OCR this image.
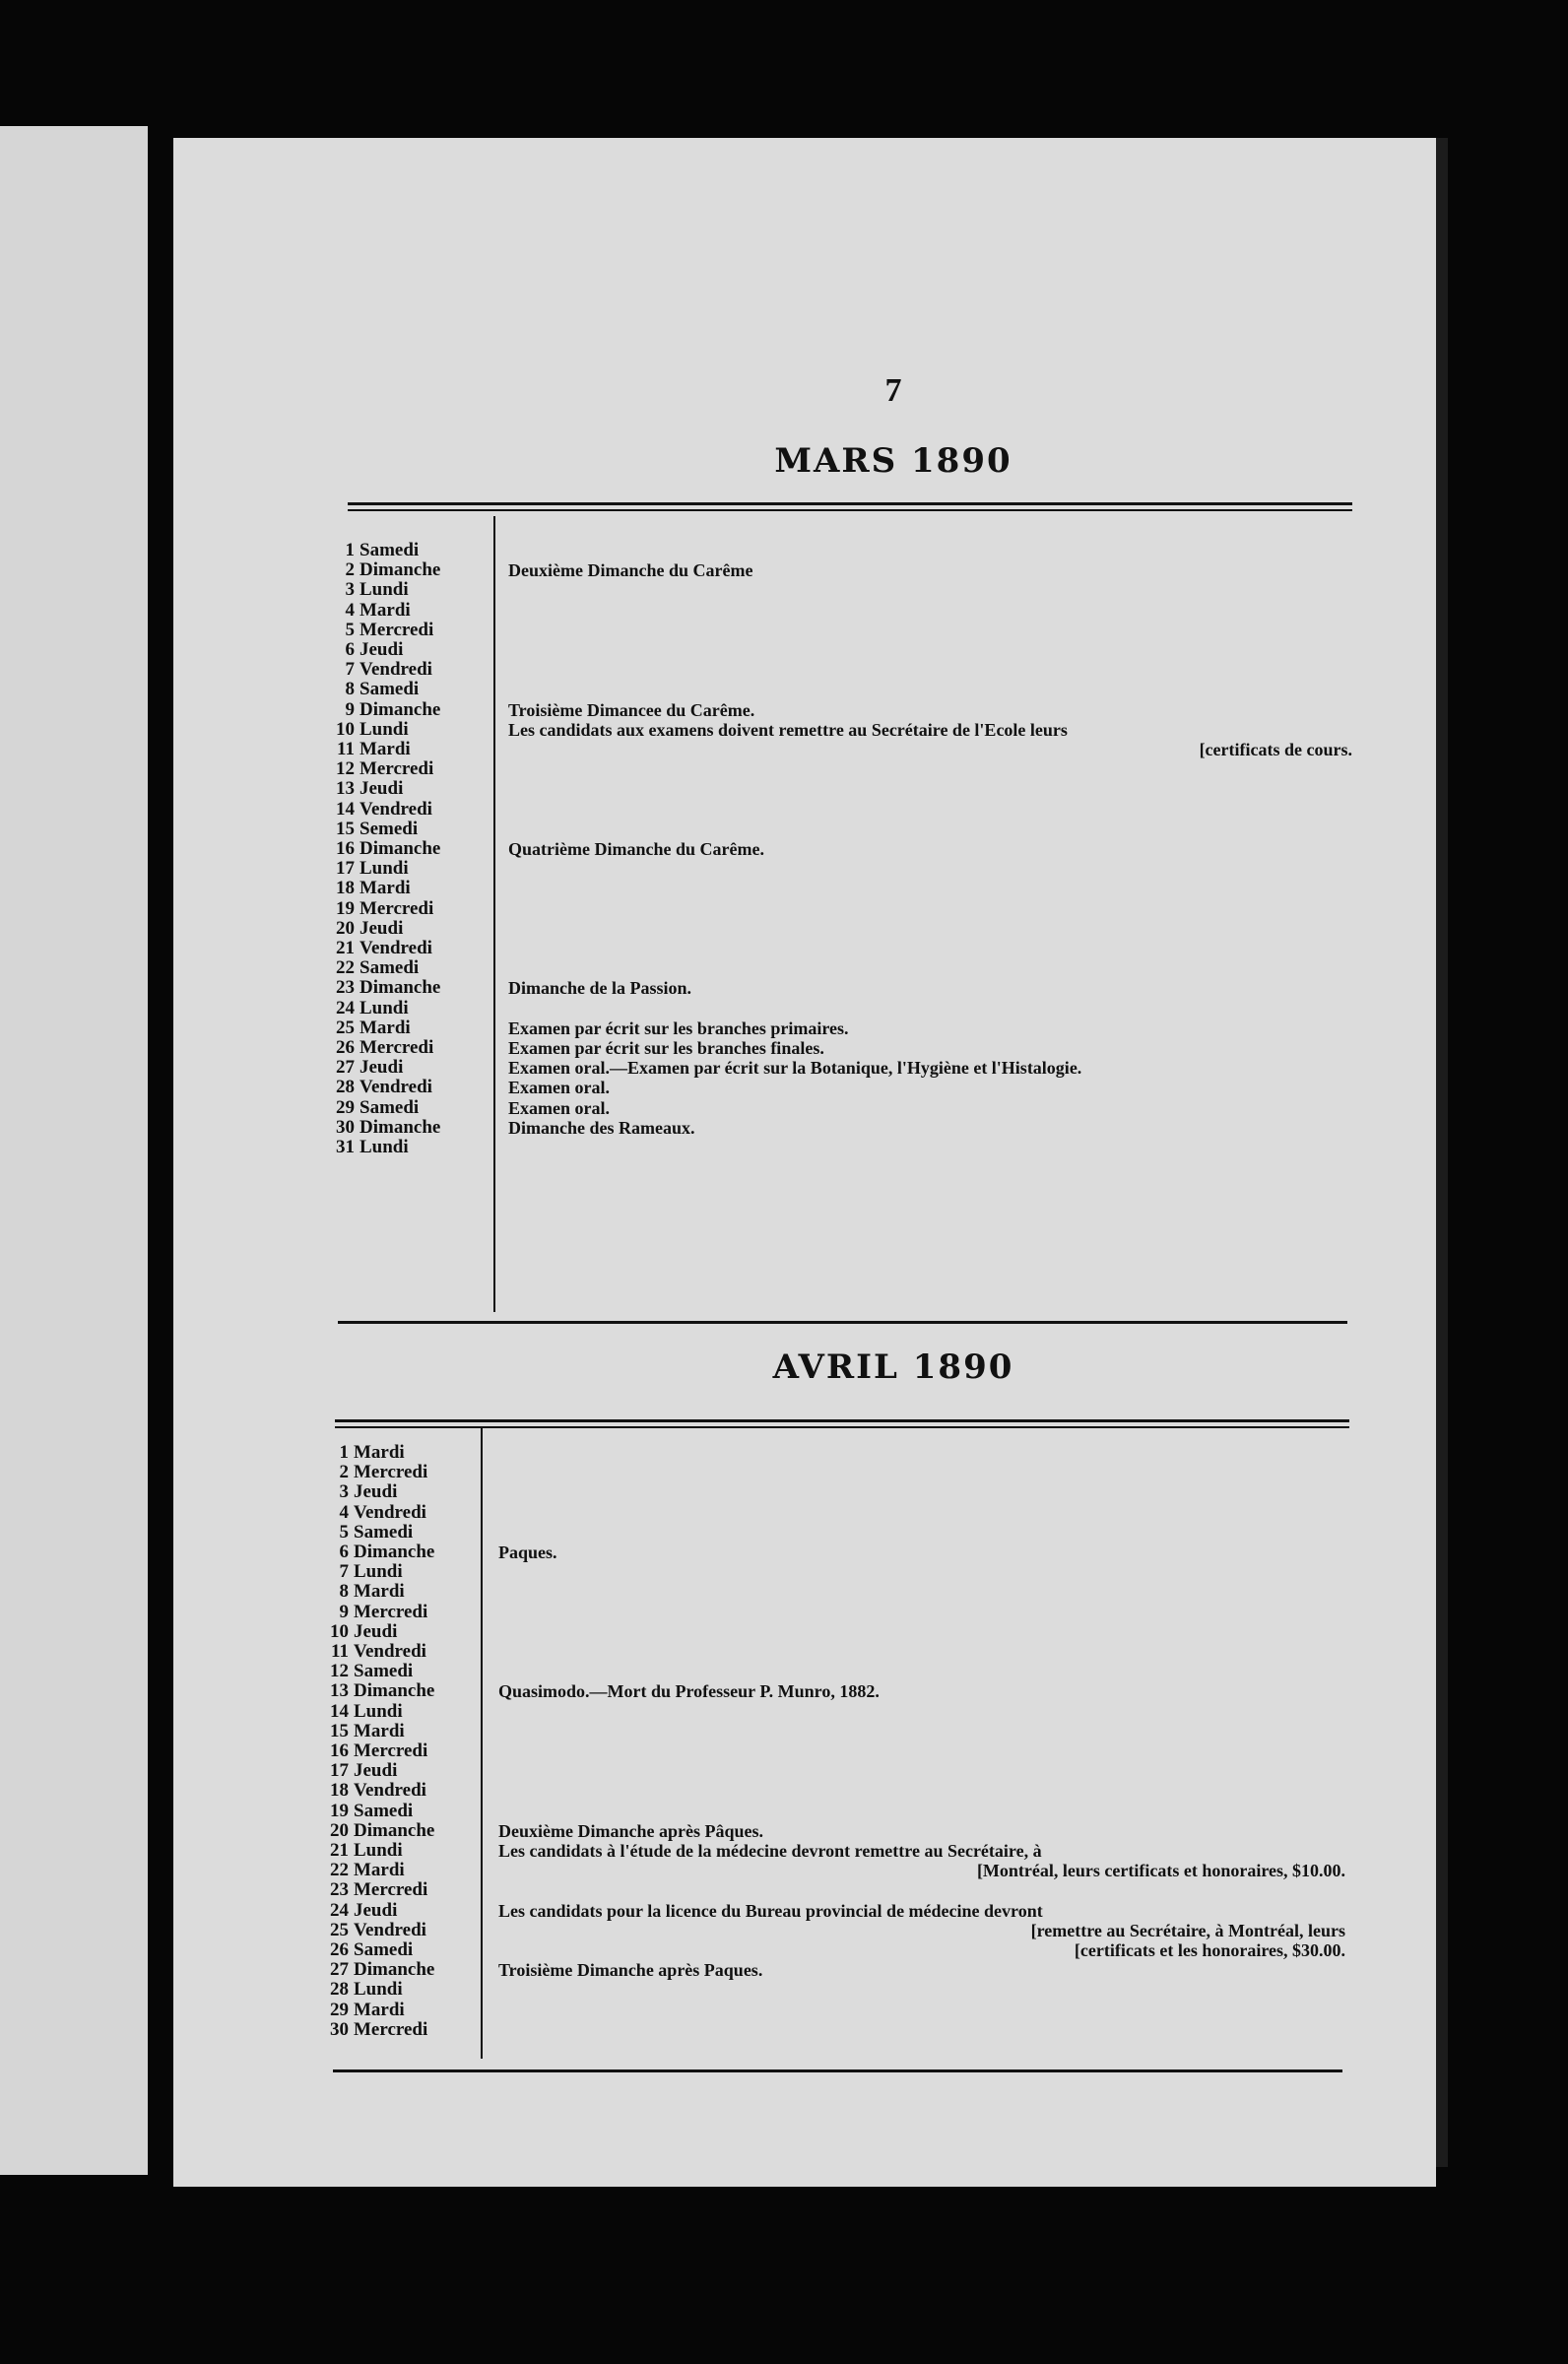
7
MARS 1890
1 Samedi
2 Dimanche
3 Lundi
4 Mardi
5 Mercredi
6 Jeudi
7 Vendredi
8 Samedi
9 Dimanche
10 Lundi
11 Mardi
12 Mercredi
13 Jeudi
14 Vendredi
15 Semedi
16 Dimanche
17 Lundi
18 Mardi
19 Mercredi
20 Jeudi
21 Vendredi
22 Samedi
23 Dimanche
24 Lundi
25 Mardi
26 Mercredi
27 Jeudi
28 Vendredi
29 Samedi
30 Dimanche
31 Lundi
Deuxième Dimanche du Carême
Troisième Dimancee du Carême.
Les candidats aux examens doivent remettre au Secrétaire de l'Ecole leurs
[certificats de cours.
Quatrième Dimanche du Carême.
Dimanche de la Passion.
Examen par écrit sur les branches primaires.
Examen par écrit sur les branches finales.
Examen oral.—Examen par écrit sur la Botanique, l'Hygiène et l'Histalogie.
Examen oral.
Examen oral.
Dimanche des Rameaux.
AVRIL 1890
1 Mardi
2 Mercredi
3 Jeudi
4 Vendredi
5 Samedi
6 Dimanche
7 Lundi
8 Mardi
9 Mercredi
10 Jeudi
11 Vendredi
12 Samedi
13 Dimanche
14 Lundi
15 Mardi
16 Mercredi
17 Jeudi
18 Vendredi
19 Samedi
20 Dimanche
21 Lundi
22 Mardi
23 Mercredi
24 Jeudi
25 Vendredi
26 Samedi
27 Dimanche
28 Lundi
29 Mardi
30 Mercredi
Paques.
Quasimodo.—Mort du Professeur P. Munro, 1882.
Deuxième Dimanche après Pâques.
Les candidats à l'étude de la médecine devront remettre au Secrétaire, à
[Montréal, leurs certificats et honoraires, $10.00.
Les candidats pour la licence du Bureau provincial de médecine devront
[remettre au Secrétaire, à Montréal, leurs
[certificats et les honoraires, $30.00.
Troisième Dimanche après Paques.
